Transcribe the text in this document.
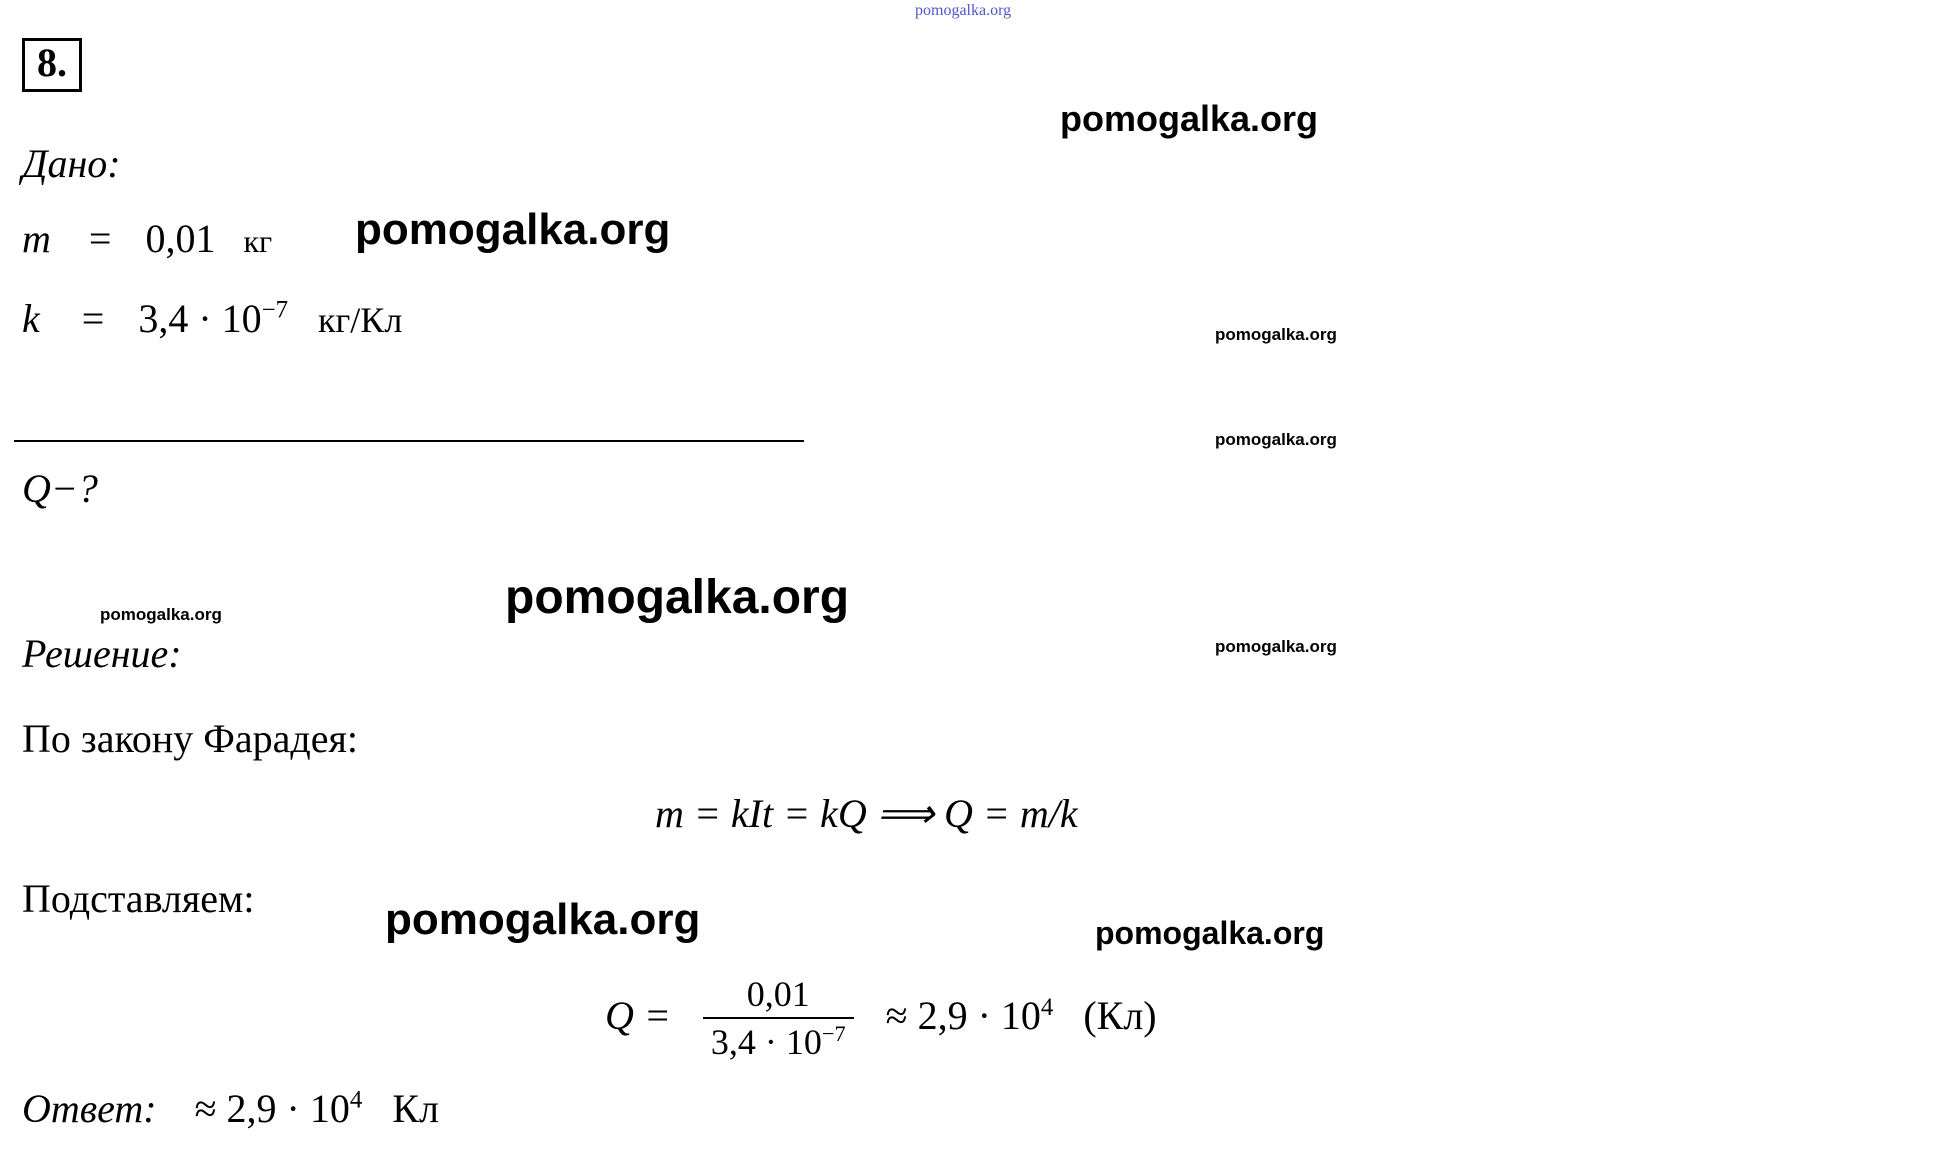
pomogalka.org
pomogalka.org
pomogalka.org
pomogalka.org
pomogalka.org
pomogalka.org
pomogalka.org
pomogalka.org
pomogalka.org	pomogalka.org
8.
Дано:
m = 0,01 кг
$k = 3,4 \cdot 10^{-7}$ кг/Кл
Q−?
Решение:
По закону Фарадея:
m = kIt = kQ ⟹ Q = m/k
Подставляем:
$Q = \frac{0,01}{3,4 \cdot 10^{-7}} \approx 2,9 \cdot 10^4$ (Кл)
Ответ: ≈ $2,9 \cdot 10^4$ Кл
